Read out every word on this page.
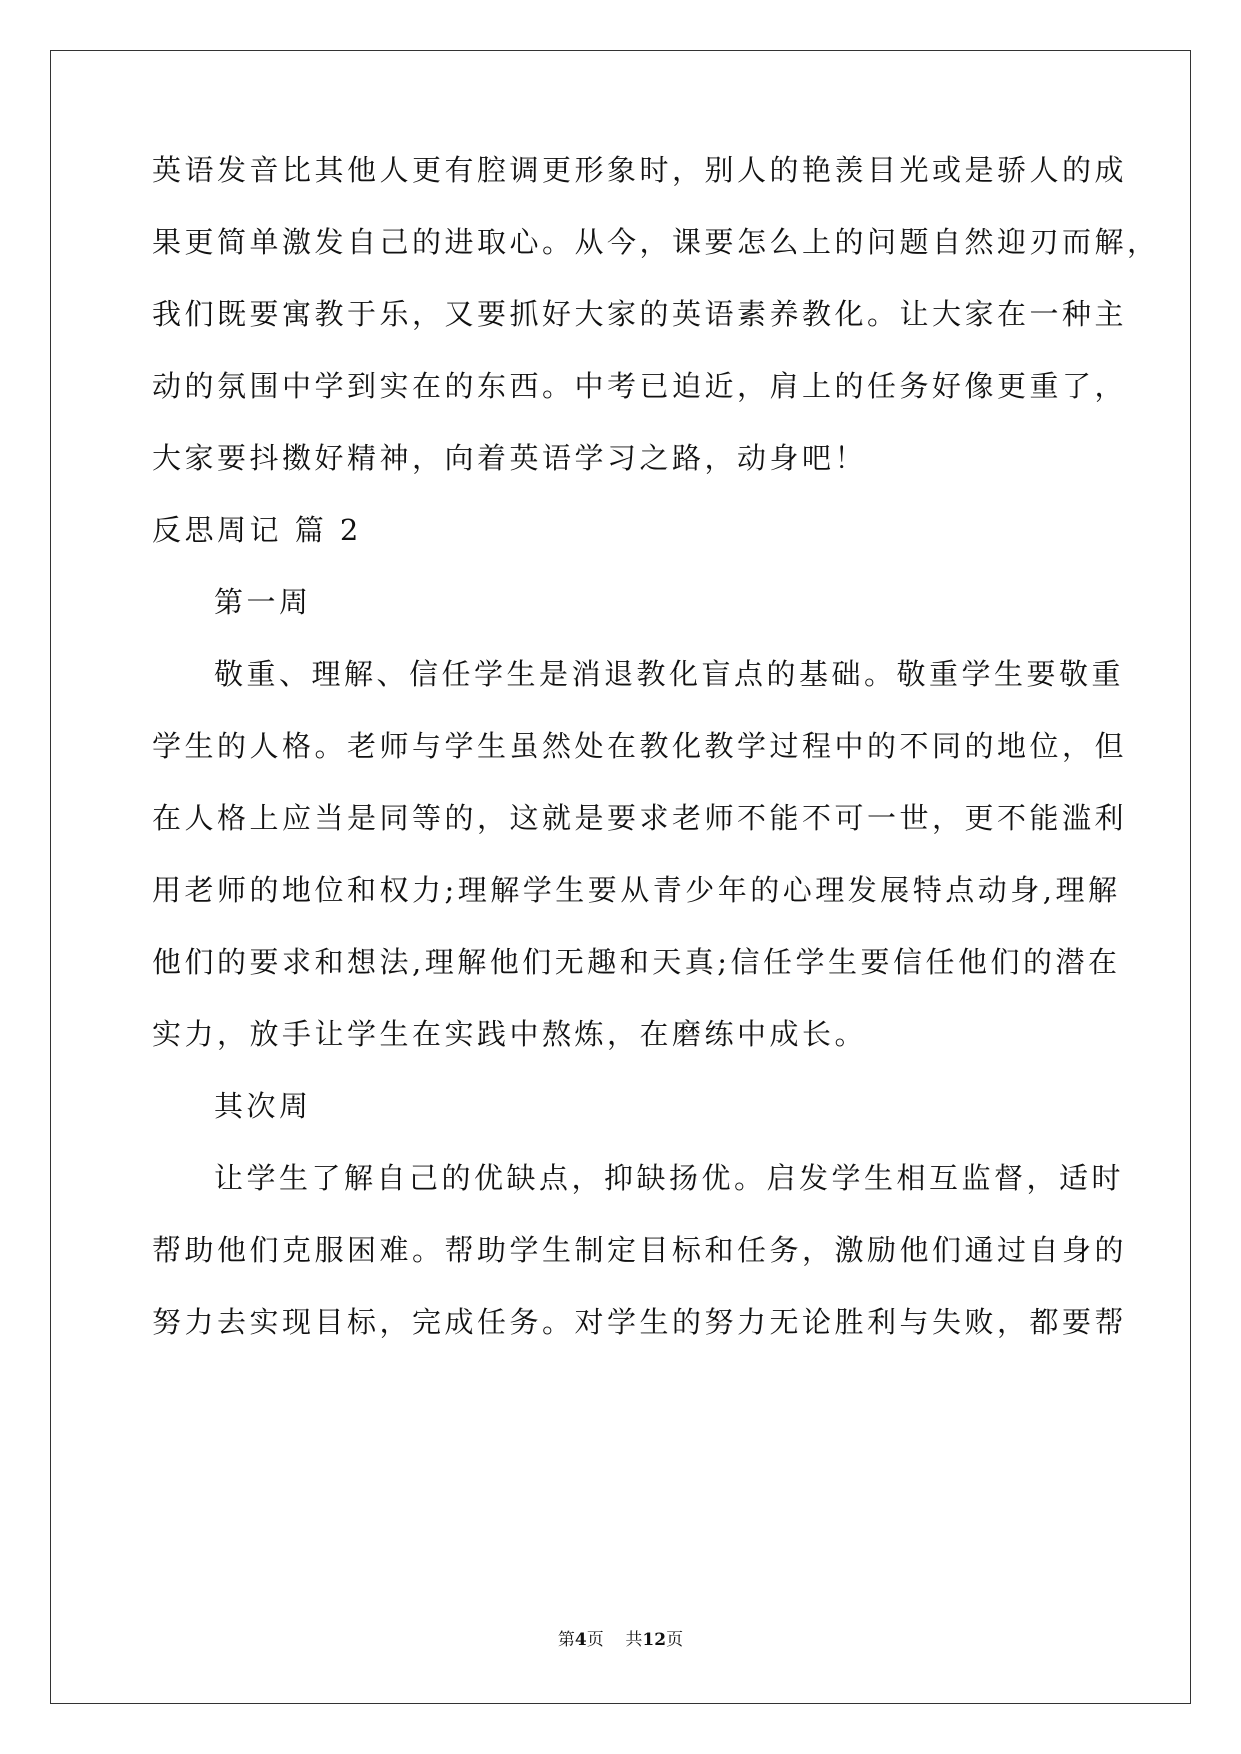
英语发音比其他人更有腔调更形象时，别人的艳羡目光或是骄人的成
果更简单激发自己的进取心。从今，课要怎么上的问题自然迎刃而解，
我们既要寓教于乐，又要抓好大家的英语素养教化。让大家在一种主
动的氛围中学到实在的东西。中考已迫近，肩上的任务好像更重了，
大家要抖擞好精神，向着英语学习之路，动身吧！
反思周记 篇 2
第一周
敬重、理解、信任学生是消退教化盲点的基础。敬重学生要敬重
学生的人格。老师与学生虽然处在教化教学过程中的不同的地位，但
在人格上应当是同等的，这就是要求老师不能不可一世，更不能滥利
用老师的地位和权力;理解学生要从青少年的心理发展特点动身,理解
他们的要求和想法,理解他们无趣和天真;信任学生要信任他们的潜在
实力，放手让学生在实践中熬炼，在磨练中成长。
其次周
让学生了解自己的优缺点，抑缺扬优。启发学生相互监督，适时
帮助他们克服困难。帮助学生制定目标和任务，激励他们通过自身的
努力去实现目标，完成任务。对学生的努力无论胜利与失败，都要帮
第4页    共12页
